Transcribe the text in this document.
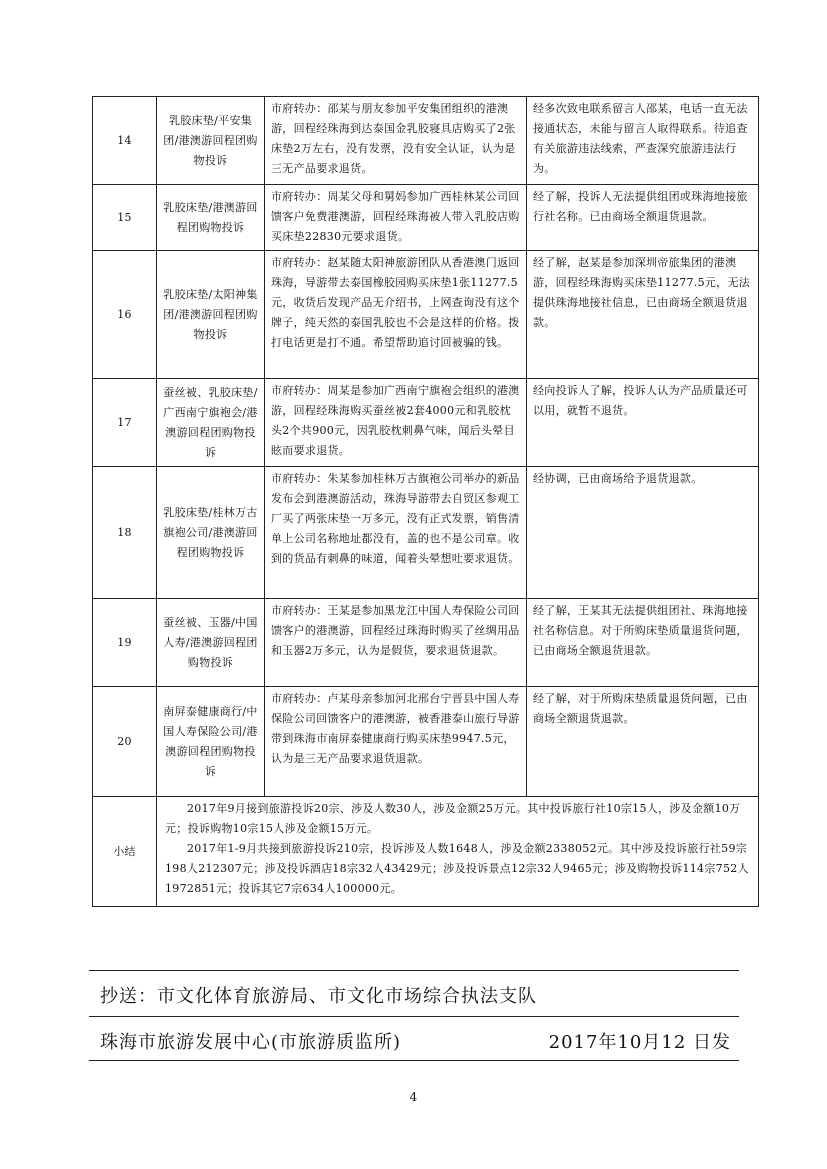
14	乳胶床垫/平安集团/港澳游回程团购物投诉	市府转办：邵某与朋友参加平安集团组织的港澳游，回程经珠海到达泰国金乳胶寝具店购买了2张床垫2万左右，没有发票，没有安全认证，认为是三无产品要求退货。	经多次致电联系留言人邵某，电话一直无法接通状态，未能与留言人取得联系。待追查有关旅游违法线索，严查深究旅游违法行为。
15	乳胶床垫/港澳游回程团购物投诉	市府转办：周某父母和舅妈参加广西桂林某公司回馈客户免费港澳游，回程经珠海被人带入乳胶店购买床垫22830元要求退货。	经了解，投诉人无法提供组团或珠海地接旅行社名称。已由商场全额退货退款。
16	乳胶床垫/太阳神集团/港澳游回程团购物投诉	市府转办：赵某随太阳神旅游团队从香港澳门返回珠海，导游带去泰国橡胶园购买床垫1张11277.5元，收货后发现产品无介绍书，上网查询没有这个牌子，纯天然的泰国乳胶也不会是这样的价格。拨打电话更是打不通。希望帮助追讨回被骗的钱。	经了解，赵某是参加深圳帝旅集团的港澳游，回程经珠海购买床垫11277.5元，无法提供珠海地接社信息，已由商场全额退货退款。
17	蚕丝被、乳胶床垫/广西南宁旗袍会/港澳游回程团购物投诉	市府转办：周某是参加广西南宁旗袍会组织的港澳游，回程经珠海购买蚕丝被2套4000元和乳胶枕头2个共900元，因乳胶枕刺鼻气味，闻后头晕目眩而要求退货。	经向投诉人了解，投诉人认为产品质量还可以用，就暂不退货。
18	乳胶床垫/桂林万古旗袍公司/港澳游回程团购物投诉	市府转办：朱某参加桂林万古旗袍公司举办的新品发布会到港澳游活动，珠海导游带去自贸区参观工厂买了两张床垫一万多元，没有正式发票，销售清单上公司名称地址都没有，盖的也不是公司章。收到的货品有刺鼻的味道，闻着头晕想吐要求退货。	经协调，已由商场给予退货退款。
19	蚕丝被、玉器/中国人寿/港澳游回程团购物投诉	市府转办：王某是参加黑龙江中国人寿保险公司回馈客户的港澳游，回程经过珠海时购买了丝绸用品和玉器2万多元，认为是假货，要求退货退款。	经了解，王某其无法提供组团社、珠海地接社名称信息。对于所购床垫质量退货问题，已由商场全额退货退款。
20	南屏泰健康商行/中国人寿保险公司/港澳游回程团购物投诉	市府转办：卢某母亲参加河北邢台宁晋县中国人寿保险公司回馈客户的港澳游，被香港泰山旅行导游带到珠海市南屏泰健康商行购买床垫9947.5元，认为是三无产品要求退货退款。	经了解，对于所购床垫质量退货问题，已由商场全额退货退款。
小结	2017年9月接到旅游投诉20宗、涉及人数30人，涉及金额25万元。其中投诉旅行社10宗15人，涉及金额10万元；投诉购物10宗15人涉及金额15万元。

2017年1-9月共接到旅游投诉210宗，投诉涉及人数1648人，涉及金额2338052元。其中涉及投诉旅行社59宗198人212307元；涉及投诉酒店18宗32人43429元；涉及投诉景点12宗32人9465元；涉及购物投诉114宗752人1972851元；投诉其它7宗634人100000元。		

抄送：市文化体育旅游局、市文化市场综合执法支队
珠海市旅游发展中心(市旅游质监所)	2017年10月12 日发
4
